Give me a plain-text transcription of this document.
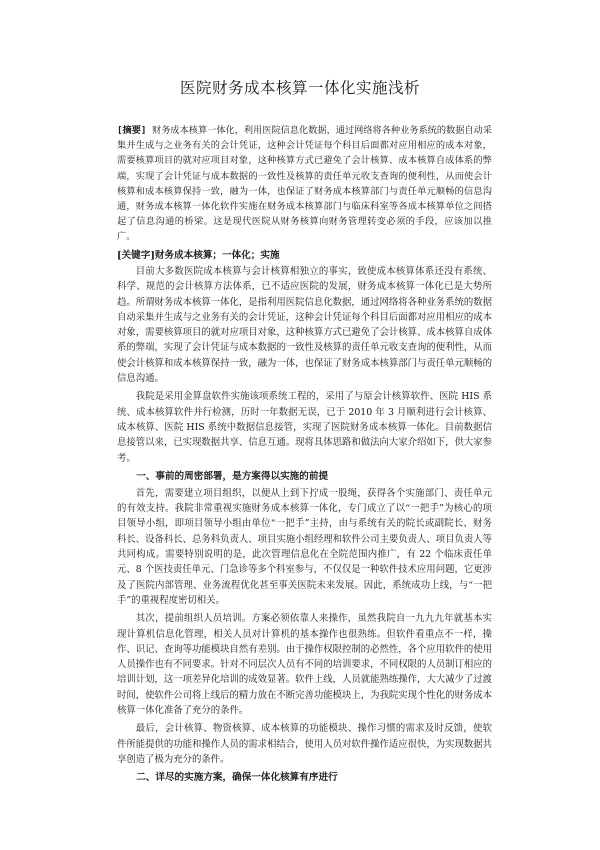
医院财务成本核算一体化实施浅析

[摘要] 财务成本核算一体化，利用医院信息化数据，通过网络将各种业务系统的数据自动采集并生成与之业务有关的会计凭证，这种会计凭证每个科目后面都对应用相应的成本对象，需要核算项目的就对应项目对象，这种核算方式已避免了会计核算、成本核算自成体系的弊端，实现了会计凭证与成本数据的一致性及核算的责任单元收支查询的便利性，从而使会计核算和成本核算保持一致，融为一体，也保证了财务成本核算部门与责任单元顺畅的信息沟通，财务成本核算一体化软件实施在财务成本核算部门与临床科室等各成本核算单位之间搭起了信息沟通的桥梁。这是现代医院从财务核算向财务管理转变必须的手段，应该加以推广。

[关键字]财务成本核算；一体化；实施

目前大多数医院成本核算与会计核算相独立的事实，致使成本核算体系还没有系统、科学、规范的会计核算方法体系，已不适应医院的发展，财务成本核算一体化已是大势所趋。所谓财务成本核算一体化，是指利用医院信息化数据，通过网络将各种业务系统的数据自动采集并生成与之业务有关的会计凭证，这种会计凭证每个科目后面都对应用相应的成本对象，需要核算项目的就对应项目对象，这种核算方式已避免了会计核算、成本核算自成体系的弊端，实现了会计凭证与成本数据的一致性及核算的责任单元收支查询的便利性，从而使会计核算和成本核算保持一致，融为一体，也保证了财务成本核算部门与责任单元顺畅的信息沟通。

我院是采用金算盘软件实施该项系统工程的，采用了与原会计核算软件、医院 HIS 系统、成本核算软件并行检测，历时一年数据无误，已于 2010 年 3 月顺利进行会计核算、成本核算、医院 HIS 系统中数据信息接管，实现了医院财务成本核算一体化。目前数据信息接管以来，已实现数据共享、信息互通。现将具体思路和做法向大家介绍如下，供大家参考。

一、事前的周密部署，是方案得以实施的前提

首先，需要建立项目组织，以便从上到下拧成一股绳，获得各个实施部门、责任单元的有效支持。我院非常重视实施财务成本核算一体化，专门成立了以“一把手”为核心的项目领导小组，即项目领导小组由单位“一把手”主持，由与系统有关的院长或副院长、财务科长、设备科长、总务科负责人、项目实施小组经理和软件公司主要负责人、项目负责人等共同构成。需要特别说明的是，此次管理信息化在全院范围内推广，有 22 个临床责任单元、8 个医技责任单元、门急诊等多个科室参与，不仅仅是一种软件技术应用问题，它更涉及了医院内部管理、业务流程优化甚至事关医院未来发展。因此，系统成功上线，与“一把手”的重视程度密切相关。

其次，提前组织人员培训。方案必须依靠人来操作，虽然我院自一九九九年就基本实现计算机信息化管理，相关人员对计算机的基本操作也很熟练。但软件看重点不一样，操作、识记、查询等功能模块自然有差别。由于操作权限控制的必然性，各个应用软件的使用人员操作也有不同要求。针对不同层次人员有不同的培训要求，不同权限的人员制订相应的培训计划，这一项差异化培训的成效显著。软件上线，人员就能熟练操作，大大减少了过渡时间，使软件公司将上线后的精力放在不断完善功能模块上，为我院实现个性化的财务成本核算一体化准备了充分的条件。

最后，会计核算、物资核算、成本核算的功能模块、操作习惯的需求及时反馈，使软件所能提供的功能和操作人员的需求相结合，使用人员对软件操作适应很快，为实现数据共享创造了极为充分的条件。

二、详尽的实施方案，确保一体化核算有序进行
